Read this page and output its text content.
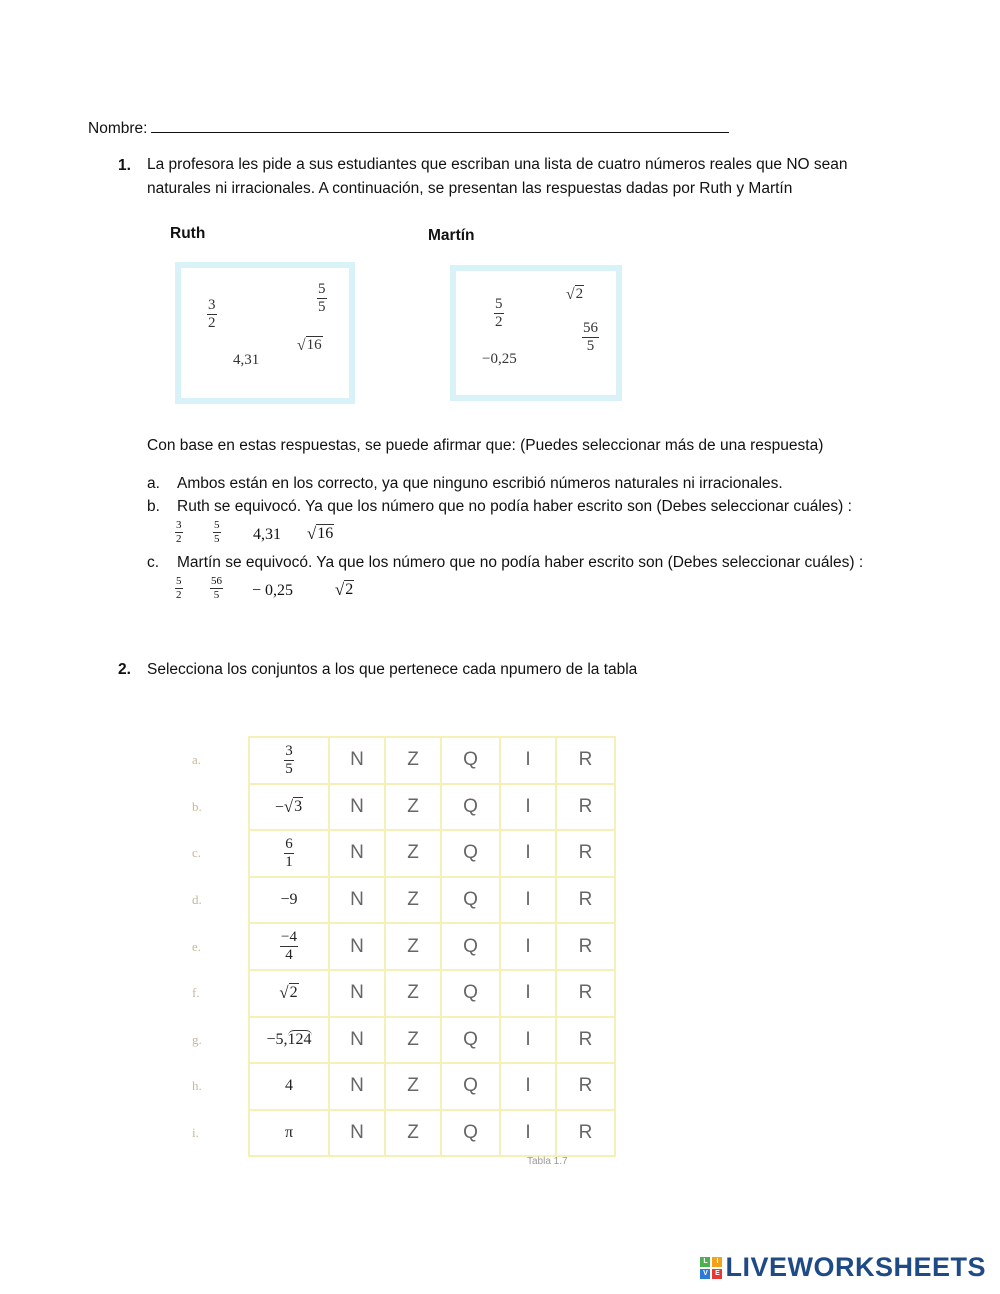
Nombre:
1. La profesora les pide a sus estudiantes que escriban una lista de cuatro números reales que NO sean
naturales ni irracionales. A continuación, se presentan las respuestas dadas por Ruth y Martín
Ruth	Martín
$\frac{3}{2}$	$\frac{5}{5}$
4,31
√ 16
$\frac{5}{2}$
√ 2
$\frac{56}{5}$
−0,25
Con base en estas respuestas, se puede afirmar que: (Puedes seleccionar más de una respuesta)
a. Ambos están en los correcto, ya que ninguno escribió números naturales ni irracionales.
b. Ruth se equivocó. Ya que los número que no podía haber escrito son (Debes seleccionar cuáles) :
$\frac{3}{2}$	$\frac{5}{5} 4,31$ √ 16
c. Martín se equivocó. Ya que los número que no podía haber escrito son (Debes seleccionar cuáles) :
$\frac{5}{2}$	$\frac{56}{5} - 0,25$ √ 2
2. Selecciona los conjuntos a los que pertenece cada npumero de la tabla
a.	$\frac{3}{5}$	N	Z	Q	I	R
b.	− √ 3	N	Z	Q	I	R
c.	$\frac{6}{1}$	N	Z	Q	I	R
d.	−9	N	Z	Q	I	R
e.	$\frac{-4}{4}$	N	Z	Q	I	R
f.	√ 2	N	Z	Q	I	R
g.	−5,124	N	Z	Q	I	R
h.	4	N	Z	Q	I	R
i.	π	N	Z	Q	I	R
Tabla 1.7
L	I
V	E LIVEWORKSHEETS
